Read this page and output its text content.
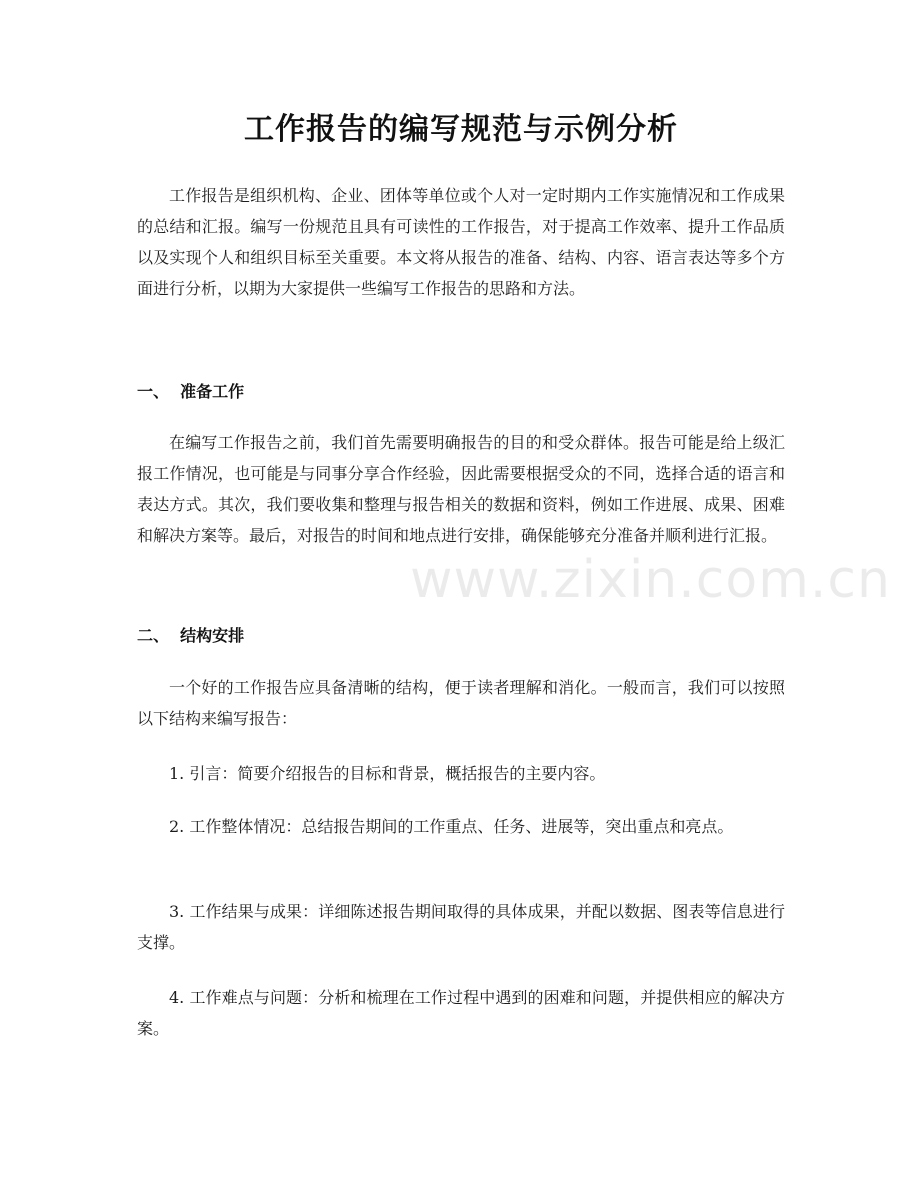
工作报告的编写规范与示例分析

工作报告是组织机构、企业、团体等单位或个人对一定时期内工作实施情况和工作成果的总结和汇报。编写一份规范且具有可读性的工作报告，对于提高工作效率、提升工作品质以及实现个人和组织目标至关重要。本文将从报告的准备、结构、内容、语言表达等多个方面进行分析，以期为大家提供一些编写工作报告的思路和方法。

一、  准备工作

在编写工作报告之前，我们首先需要明确报告的目的和受众群体。报告可能是给上级汇报工作情况，也可能是与同事分享合作经验，因此需要根据受众的不同，选择合适的语言和表达方式。其次，我们要收集和整理与报告相关的数据和资料，例如工作进展、成果、困难和解决方案等。最后，对报告的时间和地点进行安排，确保能够充分准备并顺利进行汇报。

二、  结构安排

一个好的工作报告应具备清晰的结构，便于读者理解和消化。一般而言，我们可以按照以下结构来编写报告：

1. 引言：简要介绍报告的目标和背景，概括报告的主要内容。

2. 工作整体情况：总结报告期间的工作重点、任务、进展等，突出重点和亮点。

3. 工作结果与成果：详细陈述报告期间取得的具体成果，并配以数据、图表等信息进行支撑。

4. 工作难点与问题：分析和梳理在工作过程中遇到的困难和问题，并提供相应的解决方案。

www.zixin.com.cn
